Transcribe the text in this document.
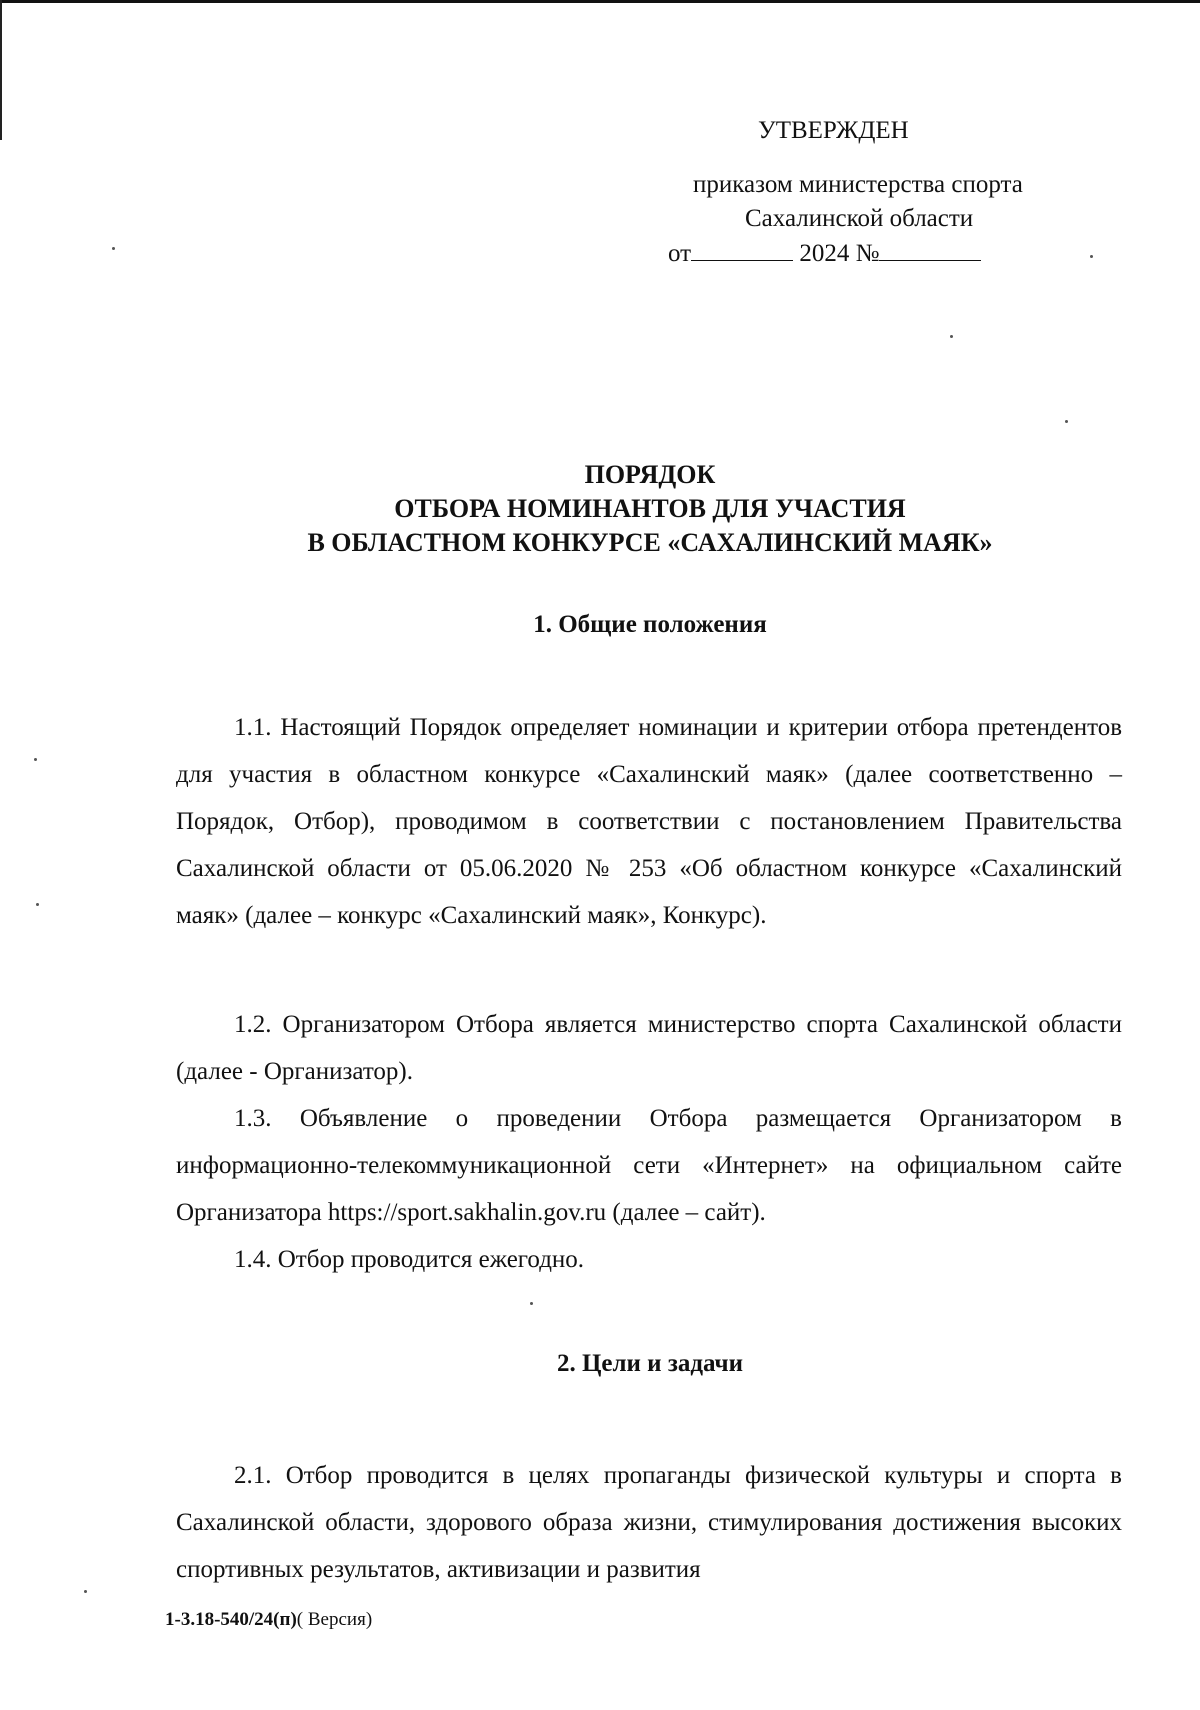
УТВЕРЖДЕН
приказом министерства спорта
Сахалинской области
от	2024 №
ПОРЯДОК
ОТБОРА НОМИНАНТОВ ДЛЯ УЧАСТИЯ
В ОБЛАСТНОМ КОНКУРСЕ «САХАЛИНСКИЙ МАЯК»
1. Общие положения

1.1. Настоящий Порядок определяет номинации и критерии отбора претендентов для участия в областном конкурсе «Сахалинский маяк» (далее соответственно – Порядок, Отбор), проводимом в соответствии с постановлением Правительства Сахалинской области от 05.06.2020 № 253 «Об областном конкурсе «Сахалинский маяк» (далее – конкурс «Сахалинский маяк», Конкурс).

1.2. Организатором Отбора является министерство спорта Сахалинской области (далее - Организатор).

1.3. Объявление о проведении Отбора размещается Организатором в информационно-телекоммуникационной сети «Интернет» на официальном сайте Организатора https://sport.sakhalin.gov.ru (далее – сайт).

1.4. Отбор проводится ежегодно.

2. Цели и задачи

2.1. Отбор проводится в целях пропаганды физической культуры и спорта в Сахалинской области, здорового образа жизни, стимулирования достижения высоких спортивных результатов, активизации и развития

1-3.18-540/24(п)( Версия)
